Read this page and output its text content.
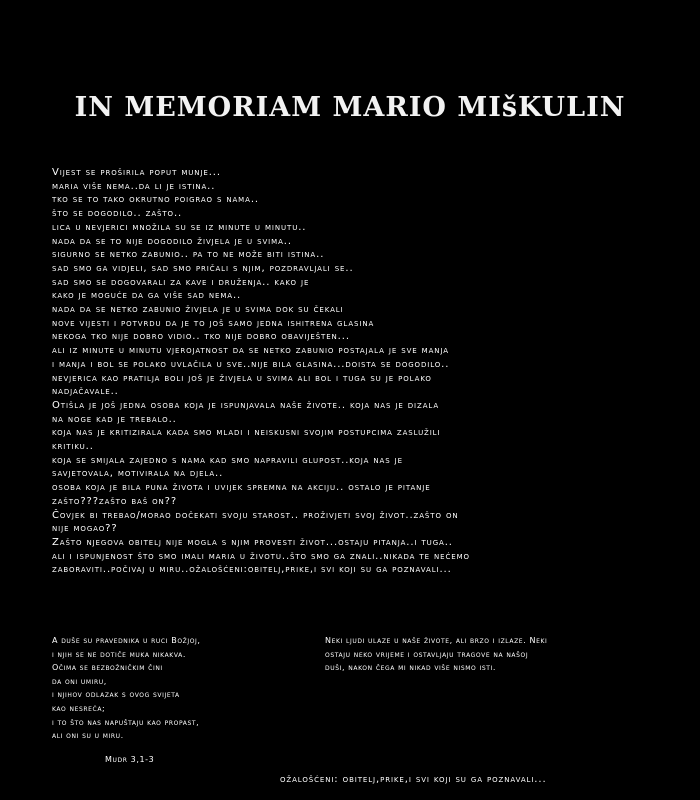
IN MEMORIAM MARIO MIšKULIN
Vijest se proširila poput munje...
maria više nema..da li je istina..
tko se to tako okrutno poigrao s nama..
što se dogodilo.. zašto..
lica u nevjerici množila su se iz minute u minutu..
nada da se to nije dogodilo živjela je u svima..
sigurno se netko zabunio.. pa to ne može biti istina..
sad smo ga vidjeli, sad smo pričali s njim, pozdravljali se..
sad smo se dogovarali za kave i druženja.. kako je
kako je moguće da ga više sad nema..
nada da se netko zabunio živjela je u svima dok su čekali
nove vijesti i potvrdu da je to još samo jedna ishitrena glasina
nekoga tko nije dobro vidio.. tko nije dobro obaviješten...
ali iz minute u minutu vjerojatnost da se netko zabunio postajala je sve manja
i manja i bol se polako uvlačila u sve..nije bila glasina...doista se dogodilo..
nevjerica kao pratilja boli još je živjela u svima ali bol i tuga su je polako
nadjačavale..
Otišla je još jedna osoba koja je ispunjavala naše živote.. koja nas je dizala
na noge kad je trebalo..
koja nas je kritizirala kada smo mladi i neiskusni svojim postupcima zaslužili
kritiku..
koja se smijala zajedno s nama kad smo napravili glupost..koja nas je
savjetovala, motivirala na djela..
osoba koja je bila puna života i uvijek spremna na akciju.. ostalo je pitanje
zašto???zašto baš on??
Čovjek bi trebao/morao dočekati svoju starost.. proživjeti svoj život..zašto on
nije mogao??
Zašto njegova obitelj nije mogla s njim provesti život...ostaju pitanja..i tuga..
ali i ispunjenost što smo imali maria u životu..što smo ga znali..nikada te nećemo
zaboraviti..počivaj u miru..ožalošćeni:obitelj,prike,i svi koji su ga poznavali...
A duše su pravednika u ruci Božjoj,
i njih se ne dotiče muka nikakva.
Očima se bezbožničkim čini
da oni umiru,
i njihov odlazak s ovog svijeta
kao nesreća;
i to što nas napuštaju kao propast,
ali oni su u miru.
Neki ljudi ulaze u naše živote, ali brzo i izlaze. Neki
ostaju neko vrijeme i ostavljaju tragove na našoj
duši, nakon čega mi nikad više nismo isti.
Mudr 3,1-3
ožalošćeni: obitelj,prike,i svi koji su ga poznavali...
